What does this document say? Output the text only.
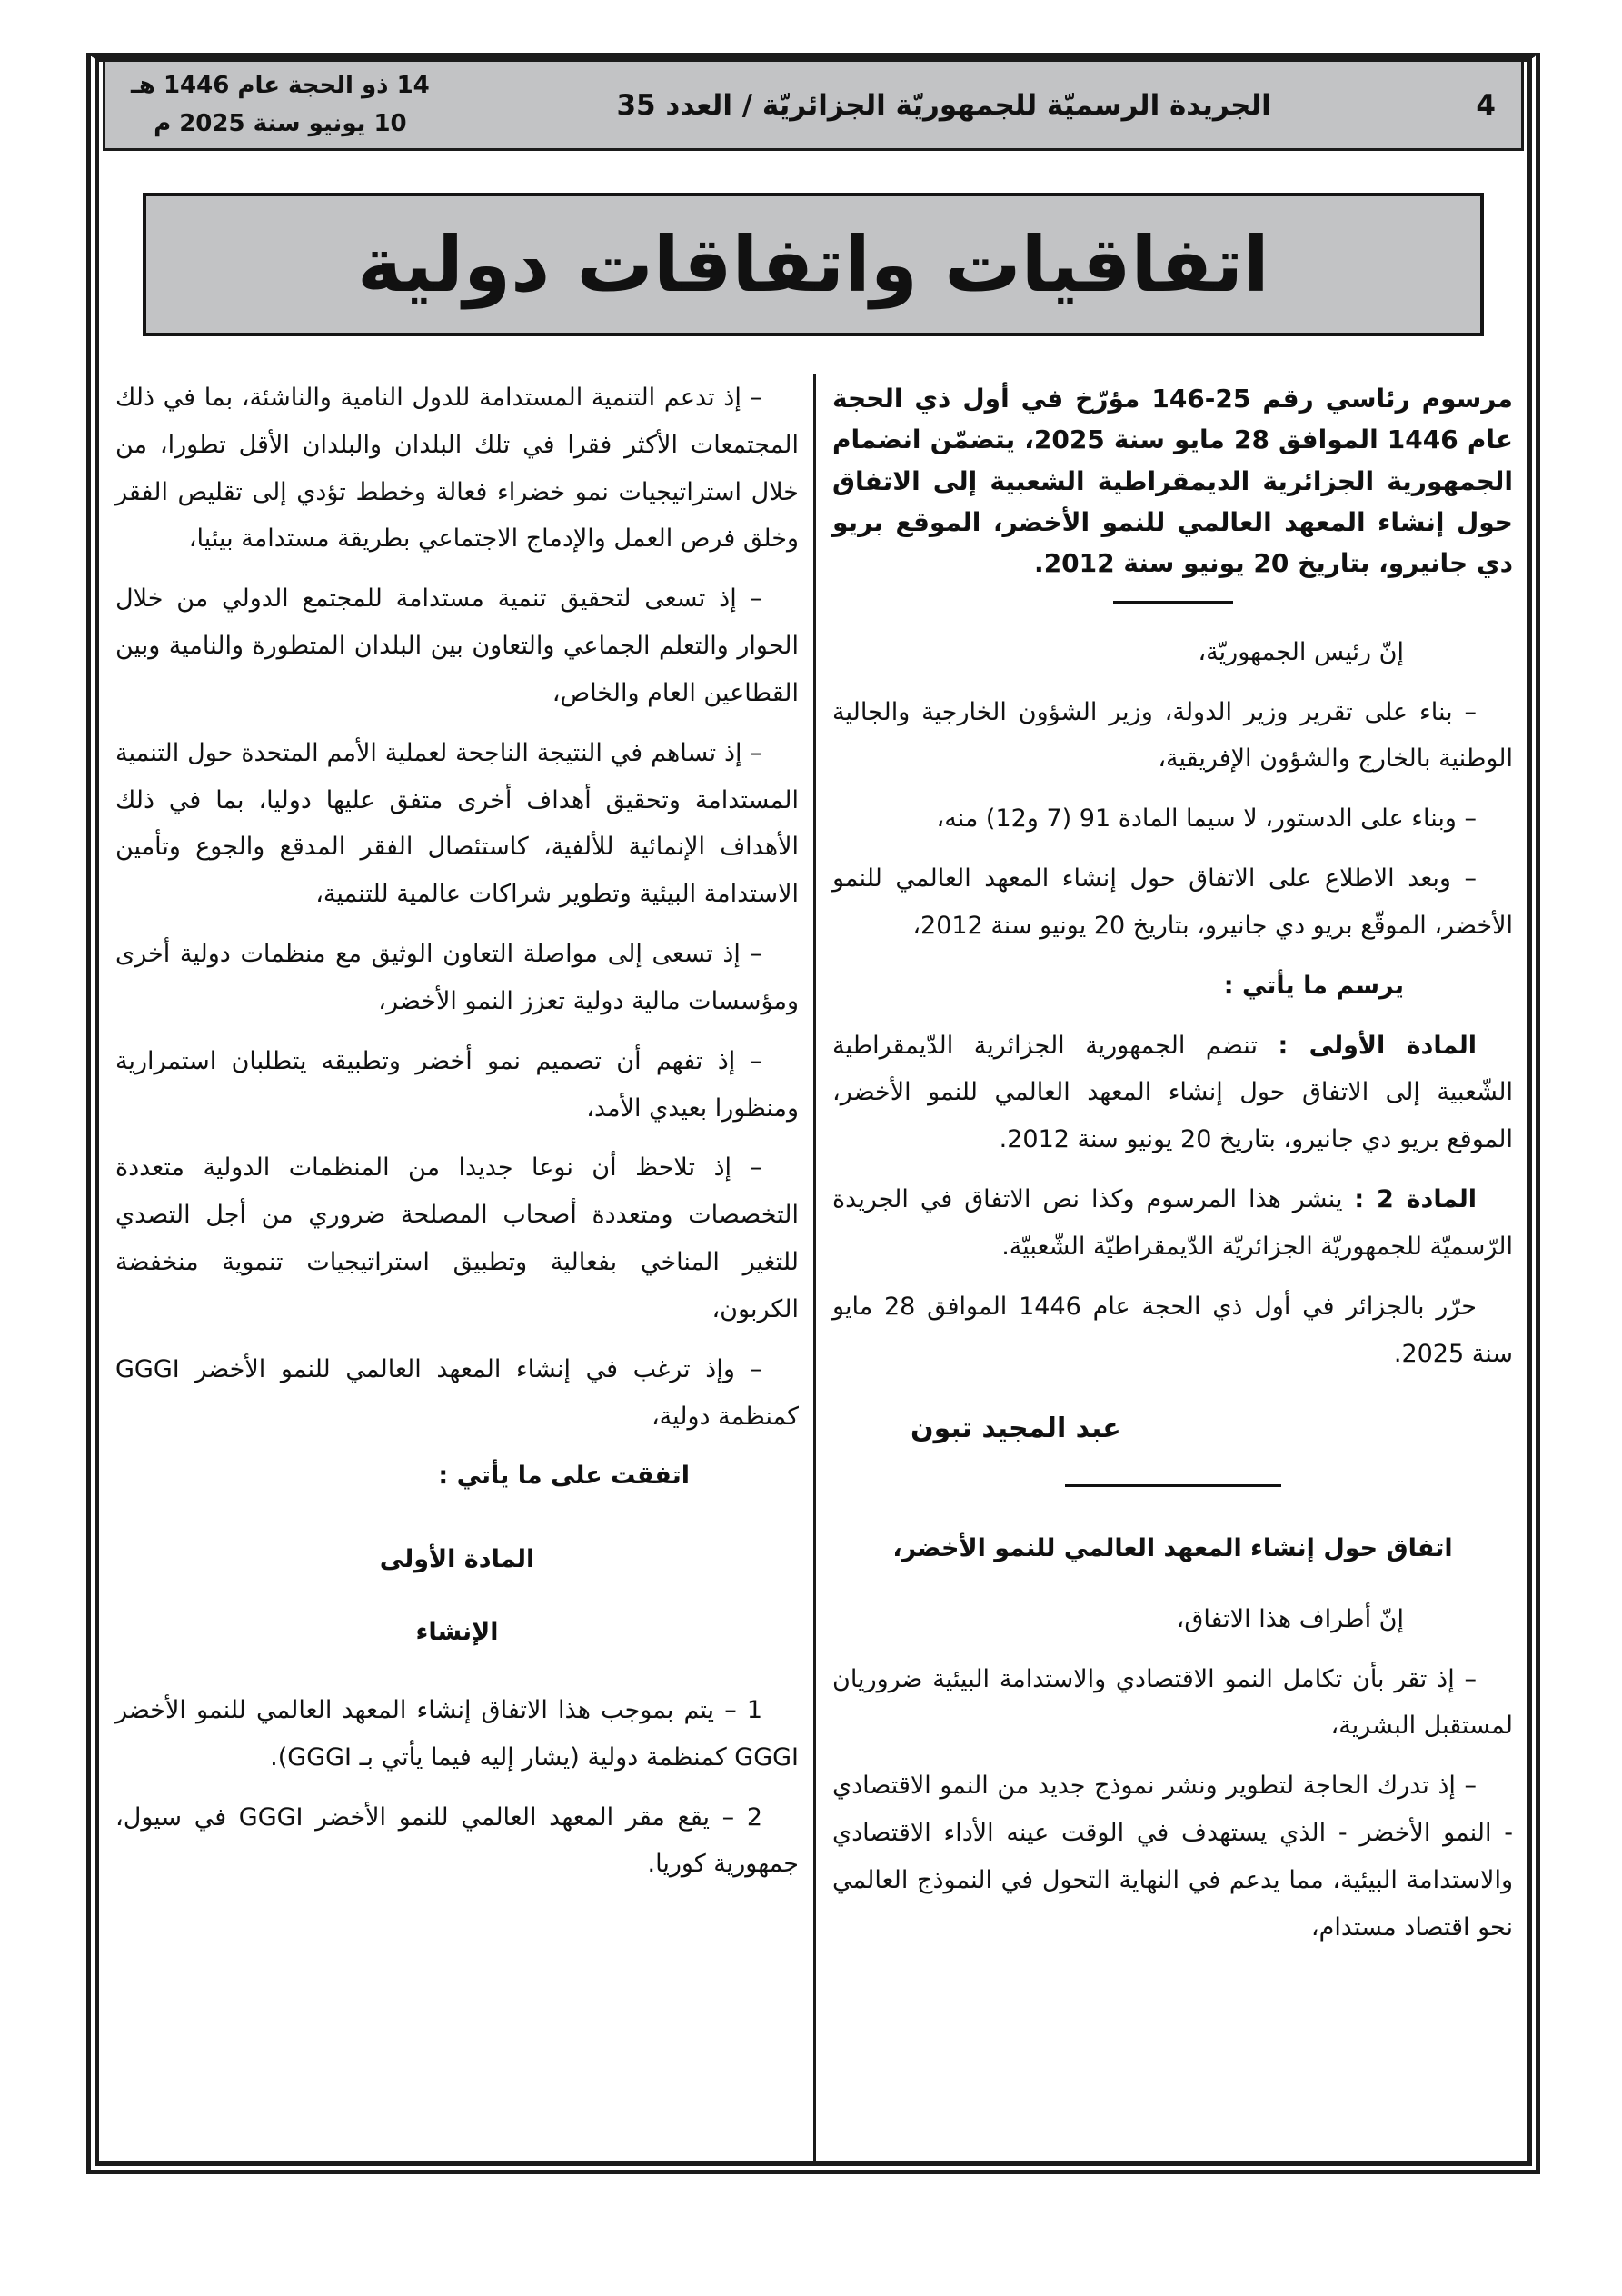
14 ذو الحجة عام 1446 هـ
10 يونيو سنة 2025 م
الجريدة الرسميّة للجمهوريّة الجزائريّة / العدد 35	4
اتفاقيات واتفاقات دولية

مرسوم رئاسي رقم 25-146 مؤرّخ في أول ذي الحجة عام 1446 الموافق 28 مايو سنة 2025، يتضمّن انضمام الجمهورية الجزائرية الديمقراطية الشعبية إلى الاتفاق حول إنشاء المعهد العالمي للنمو الأخضر، الموقع بريو دي جانيرو، بتاريخ 20 يونيو سنة 2012.

إنّ رئيس الجمهوريّة،

– بناء على تقرير وزير الدولة، وزير الشؤون الخارجية والجالية الوطنية بالخارج والشؤون الإفريقية،

– وبناء على الدستور، لا سيما المادة 91 (7 و12) منه،

– وبعد الاطلاع على الاتفاق حول إنشاء المعهد العالمي للنمو الأخضر، الموقّع بريو دي جانيرو، بتاريخ 20 يونيو سنة 2012،

يرسم ما يأتي :

المادة الأولى : تنضم الجمهورية الجزائرية الدّيمقراطية الشّعبية إلى الاتفاق حول إنشاء المعهد العالمي للنمو الأخضر، الموقع بريو دي جانيرو، بتاريخ 20 يونيو سنة 2012.

المادة 2 : ينشر هذا المرسوم وكذا نص الاتفاق في الجريدة الرّسميّة للجمهوريّة الجزائريّة الدّيمقراطيّة الشّعبيّة.

حرّر بالجزائر في أول ذي الحجة عام 1446 الموافق 28 مايو سنة 2025.

عبد المجيد تبون

اتفاق حول إنشاء المعهد العالمي للنمو الأخضر،

إنّ أطراف هذا الاتفاق،

– إذ تقر بأن تكامل النمو الاقتصادي والاستدامة البيئية ضروريان لمستقبل البشرية،

– إذ تدرك الحاجة لتطوير ونشر نموذج جديد من النمو الاقتصادي - النمو الأخضر - الذي يستهدف في الوقت عينه الأداء الاقتصادي والاستدامة البيئية، مما يدعم في النهاية التحول في النموذج العالمي نحو اقتصاد مستدام،

– إذ تدعم التنمية المستدامة للدول النامية والناشئة، بما في ذلك المجتمعات الأكثر فقرا في تلك البلدان والبلدان الأقل تطورا، من خلال استراتيجيات نمو خضراء فعالة وخطط تؤدي إلى تقليص الفقر وخلق فرص العمل والإدماج الاجتماعي بطريقة مستدامة بيئيا،

– إذ تسعى لتحقيق تنمية مستدامة للمجتمع الدولي من خلال الحوار والتعلم الجماعي والتعاون بين البلدان المتطورة والنامية وبين القطاعين العام والخاص،

– إذ تساهم في النتيجة الناجحة لعملية الأمم المتحدة حول التنمية المستدامة وتحقيق أهداف أخرى متفق عليها دوليا، بما في ذلك الأهداف الإنمائية للألفية، كاستئصال الفقر المدقع والجوع وتأمين الاستدامة البيئية وتطوير شراكات عالمية للتنمية،

– إذ تسعى إلى مواصلة التعاون الوثيق مع منظمات دولية أخرى ومؤسسات مالية دولية تعزز النمو الأخضر،

– إذ تفهم أن تصميم نمو أخضر وتطبيقه يتطلبان استمرارية ومنظورا بعيدي الأمد،

– إذ تلاحظ أن نوعا جديدا من المنظمات الدولية متعددة التخصصات ومتعددة أصحاب المصلحة ضروري من أجل التصدي للتغير المناخي بفعالية وتطبيق استراتيجيات تنموية منخفضة الكربون،

– وإذ ترغب في إنشاء المعهد العالمي للنمو الأخضر GGGI كمنظمة دولية،

اتفقت على ما يأتي :

المادة الأولى

الإنشاء

1 – يتم بموجب هذا الاتفاق إنشاء المعهد العالمي للنمو الأخضر GGGI كمنظمة دولية (يشار إليه فيما يأتي بـ GGGI).

2 – يقع مقر المعهد العالمي للنمو الأخضر GGGI في سيول، جمهورية كوريا.
